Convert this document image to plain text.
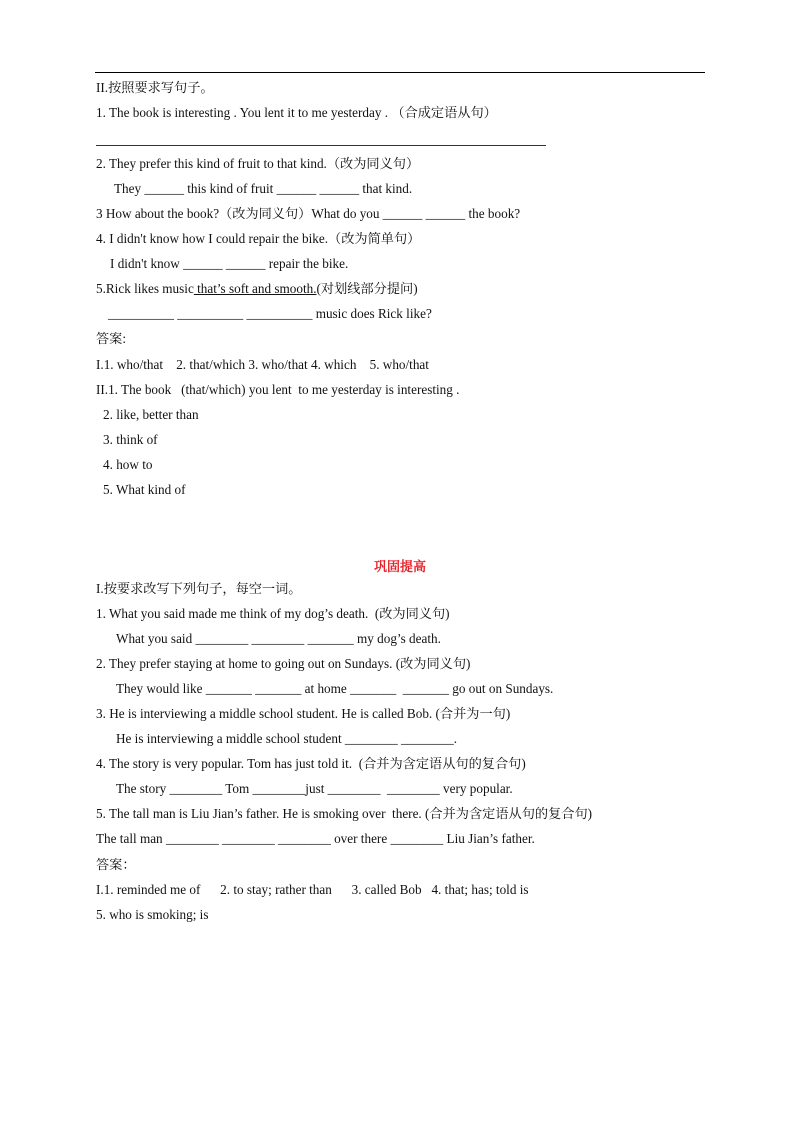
II.按照要求写句子。
1. The book is interesting . You lent it to me yesterday . （合成定语从句）
2. They prefer this kind of fruit to that kind.（改为同义句）
They ______ this kind of fruit ______ ______ that kind.
3 How about the book?（改为同义句）What do you ______ ______ the book?
4. I didn't know how I could repair the bike.（改为简单句）
I didn't know ______ ______ repair the bike.
5.Rick likes music that’s soft and smooth.(对划线部分提问)
__________ __________ __________ music does Rick like?
答案:
I.1. who/that    2. that/which 3. who/that 4. which    5. who/that
II.1. The book   (that/which) you lent  to me yesterday is interesting .
2. like, better than
3. think of
4. how to
5. What kind of
巩固提高
I.按要求改写下列句子，每空一词。
1. What you said made me think of my dog’s death.  (改为同义句)
What you said ________ ________ _______ my dog’s death.
2. They prefer staying at home to going out on Sundays. (改为同义句)
They would like _______ _______ at home _______  _______ go out on Sundays.
3. He is interviewing a middle school student. He is called Bob. (合并为一句)
He is interviewing a middle school student ________ ________.
4. The story is very popular. Tom has just told it.  (合并为含定语从句的复合句)
The story ________ Tom ________just ________  ________ very popular.
5. The tall man is Liu Jian’s father. He is smoking over  there. (合并为含定语从句的复合句)
The tall man ________ ________ ________ over there ________ Liu Jian’s father.
答案：
I.1. reminded me of      2. to stay; rather than      3. called Bob   4. that; has; told is
5. who is smoking; is
